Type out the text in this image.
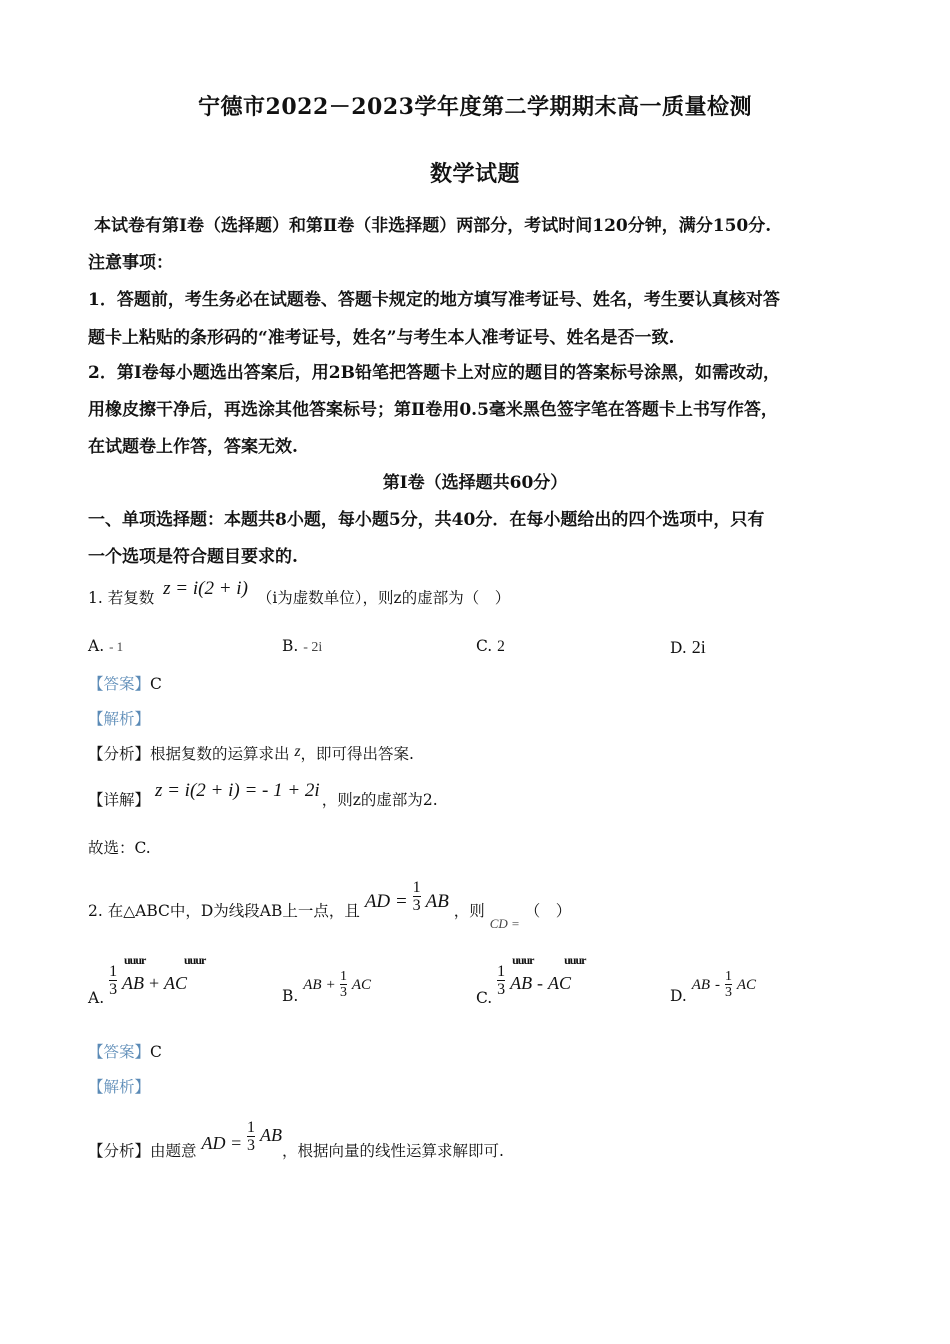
宁德市2022－2023学年度第二学期期末高一质量检测
数学试题
本试卷有第Ⅰ卷（选择题）和第Ⅱ卷（非选择题）两部分，考试时间120分钟，满分150分.
注意事项：
1．答题前，考生务必在试题卷、答题卡规定的地方填写准考证号、姓名，考生要认真核对答
题卡上粘贴的条形码的“准考证号，姓名”与考生本人准考证号、姓名是否一致.
2．第Ⅰ卷每小题选出答案后，用2B铅笔把答题卡上对应的题目的答案标号涂黑，如需改动，
用橡皮擦干净后，再选涂其他答案标号；第Ⅱ卷用0.5毫米黑色签字笔在答题卡上书写作答，
在试题卷上作答，答案无效.
第Ⅰ卷（选择题共60分）
一、单项选择题：本题共8小题，每小题5分，共40分．在每小题给出的四个选项中，只有
一个选项是符合题目要求的.
1. 若复数 z = i(2 + i) （i为虚数单位），则z的虚部为（　）
A. - 1	B. - 2i	C. 2	D. 2i
【答案】C
【解析】
【分析】根据复数的运算求出 z，即可得出答案.
【详解】 z = i(2 + i) = - 1 + 2i ，则z的虚部为2.
故选：C.
2. 在△ABC中，D为线段AB上一点，且 AD = $\frac{1}{3}$ AB ，则 $_{CD =}$ （　）
A. $\frac{1}{3}$

uuur
AB +
uuur
AC
B. AB + $\frac{1}{3}$ AC
C. $\frac{1}{3}$

uuur
AB -
uuur
AC
D. AB - $\frac{1}{3}$ AC
【答案】C
【解析】
【分析】由题意 AD = $\frac{1}{3}$ AB，根据向量的线性运算求解即可.
